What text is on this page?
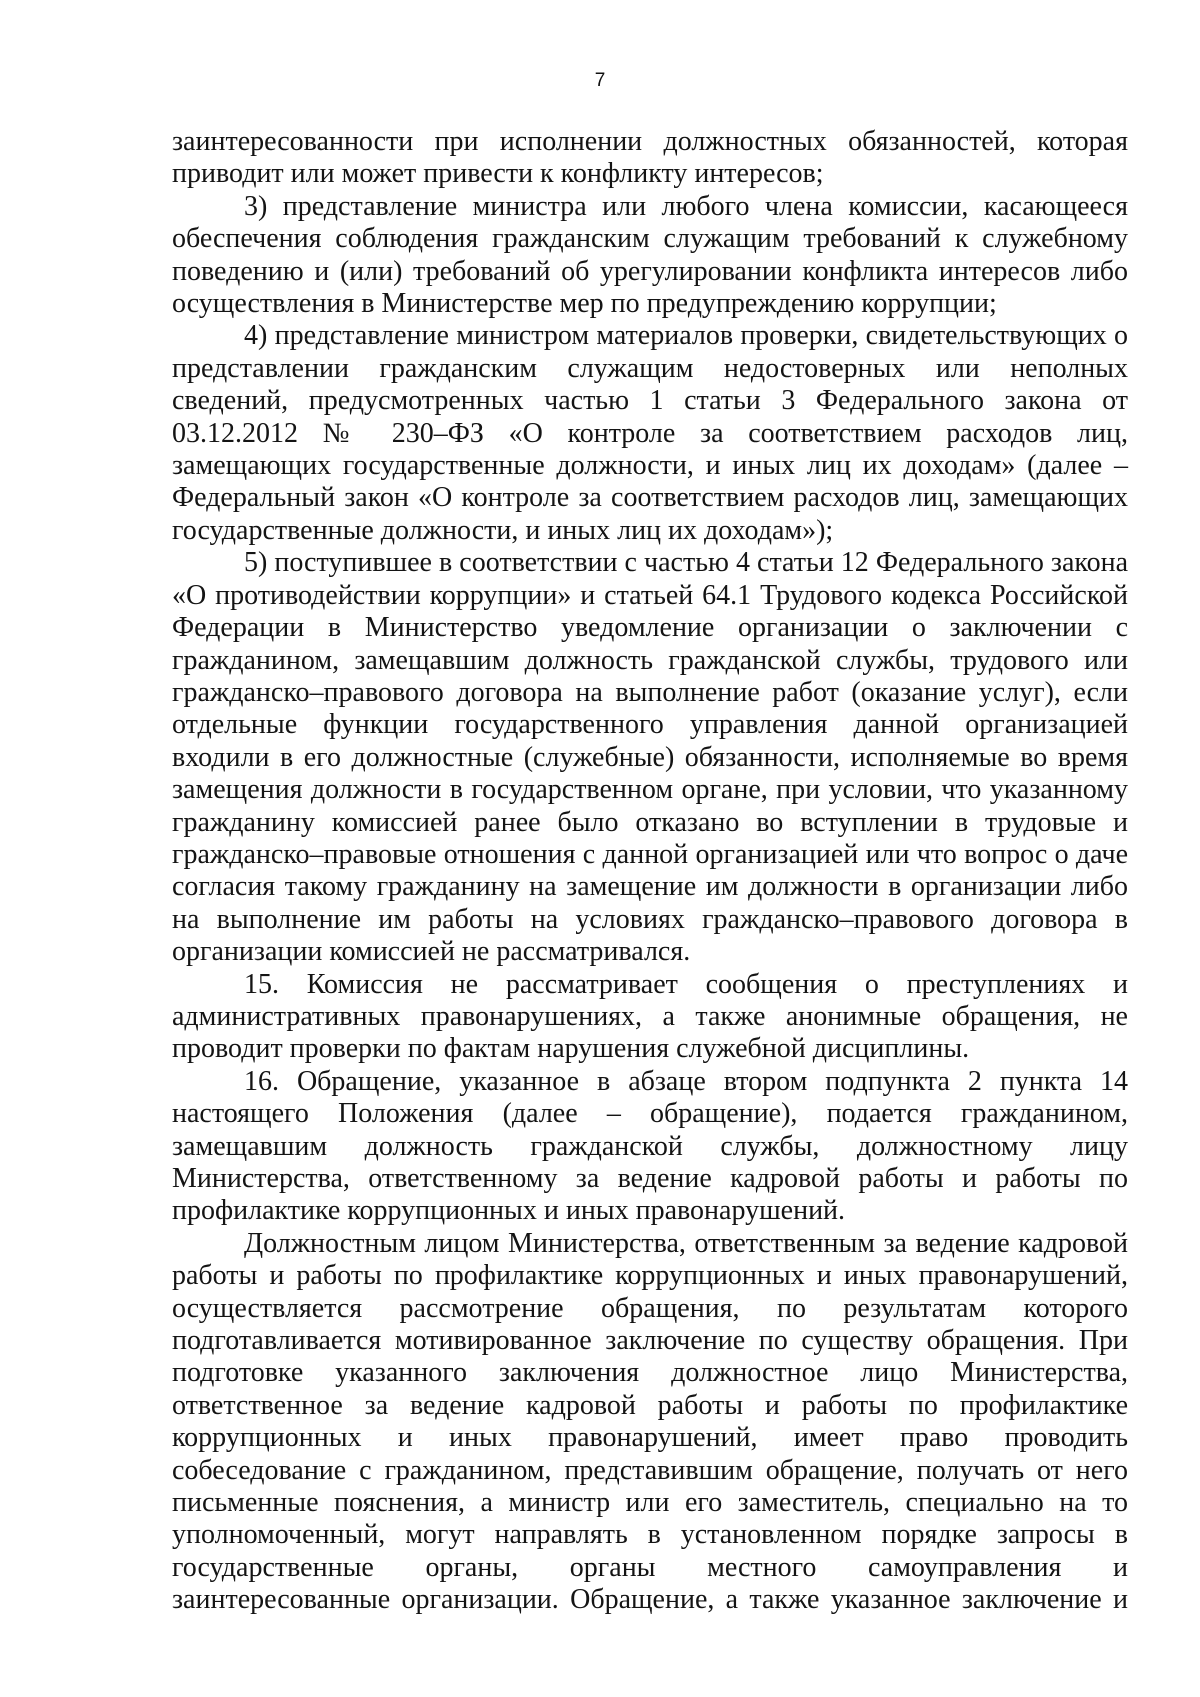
7

заинтересованности при исполнении должностных обязанностей, которая приводит или может привести к конфликту интересов;

3) представление министра или любого члена комиссии, касающееся обеспечения соблюдения гражданским служащим требований к служебному поведению и (или) требований об урегулировании конфликта интересов либо осуществления в Министерстве мер по предупреждению коррупции;

4) представление министром материалов проверки, свидетельствующих о представлении гражданским служащим недостоверных или неполных сведений, предусмотренных частью 1 статьи 3 Федерального закона от 03.12.2012 № 230–ФЗ «О контроле за соответствием расходов лиц, замещающих государственные должности, и иных лиц их доходам» (далее – Федеральный закон «О контроле за соответствием расходов лиц, замещающих государственные должности, и иных лиц их доходам»);

5) поступившее в соответствии с частью 4 статьи 12 Федерального закона «О противодействии коррупции» и статьей 64.1 Трудового кодекса Российской Федерации в Министерство уведомление организации о заключении с гражданином, замещавшим должность гражданской службы, трудового или гражданско–правового договора на выполнение работ (оказание услуг), если отдельные функции государственного управления данной организацией входили в его должностные (служебные) обязанности, исполняемые во время замещения должности в государственном органе, при условии, что указанному гражданину комиссией ранее было отказано во вступлении в трудовые и гражданско–правовые отношения с данной организацией или что вопрос о даче согласия такому гражданину на замещение им должности в организации либо на выполнение им работы на условиях гражданско–правового договора в организации комиссией не рассматривался.

15. Комиссия не рассматривает сообщения о преступлениях и административных правонарушениях, а также анонимные обращения, не проводит проверки по фактам нарушения служебной дисциплины.

16. Обращение, указанное в абзаце втором подпункта 2 пункта 14 настоящего Положения (далее – обращение), подается гражданином, замещавшим должность гражданской службы, должностному лицу Министерства, ответственному за ведение кадровой работы и работы по профилактике коррупционных и иных правонарушений.

Должностным лицом Министерства, ответственным за ведение кадровой работы и работы по профилактике коррупционных и иных правонарушений, осуществляется рассмотрение обращения, по результатам которого подготавливается мотивированное заключение по существу обращения. При подготовке указанного заключения должностное лицо Министерства, ответственное за ведение кадровой работы и работы по профилактике коррупционных и иных правонарушений, имеет право проводить собеседование с гражданином, представившим обращение, получать от него письменные пояснения, а министр или его заместитель, специально на то уполномоченный, могут направлять в установленном порядке запросы в государственные органы, органы местного самоуправления и заинтересованные организации. Обращение, а также указанное заключение и
